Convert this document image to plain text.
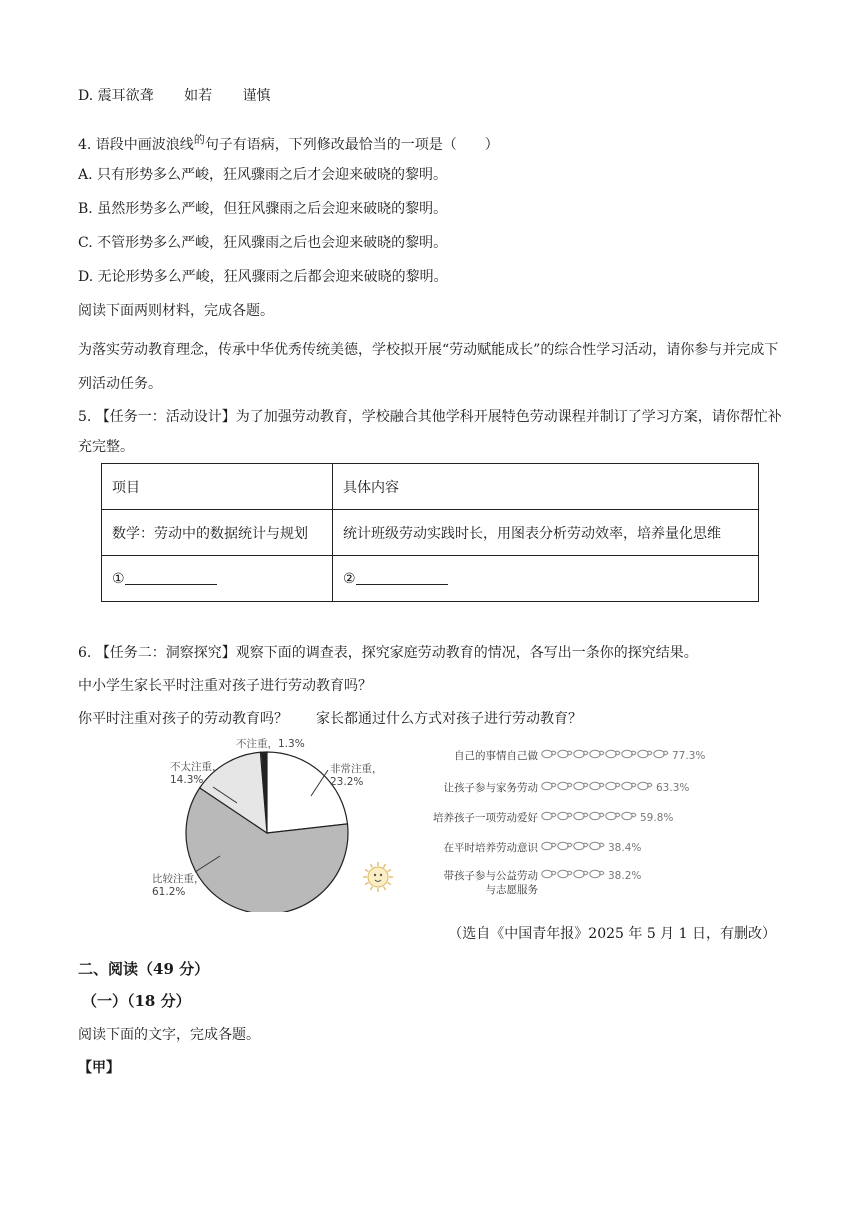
D. 震耳欲聋 如若 谨慎
4. 语段中画波浪线$^的$句子有语病，下列修改最恰当的一项是（　　）
A. 只有形势多么严峻，狂风骤雨之后才会迎来破晓的黎明。
B. 虽然形势多么严峻，但狂风骤雨之后会迎来破晓的黎明。
C. 不管形势多么严峻，狂风骤雨之后也会迎来破晓的黎明。
D. 无论形势多么严峻，狂风骤雨之后都会迎来破晓的黎明。
阅读下面两则材料，完成各题。
为落实劳动教育理念，传承中华优秀传统美德，学校拟开展“劳动赋能成长”的综合性学习活动，请你参与并完成下列活动任务。
5. 【任务一：活动设计】为了加强劳动教育，学校融合其他学科开展特色劳动课程并制订了学习方案，请你帮忙补充完整。
项目	具体内容
数学：劳动中的数据统计与规划	统计班级劳动实践时长，用图表分析劳动效率，培养量化思维
①	②
6. 【任务二：洞察探究】观察下面的调查表，探究家庭劳动教育的情况，各写出一条你的探究结果。
中小学生家长平时注重对孩子进行劳动教育吗？
你平时注重对孩子的劳动教育吗？ 家长都通过什么方式对孩子进行劳动教育？
不注重，1.3%
非常注重，
23.2%
比较注重，
61.2%
不太注重，
14.3%
自己的事情自己做	77.3%
让孩子参与家务劳动	63.3%
培养孩子一项劳动爱好	59.8%
在平时培养劳动意识	38.4%
带孩子参与公益劳动
与志愿服务
38.2%
（选自《中国青年报》2025 年 5 月 1 日，有删改）
二、阅读（49 分）
（一）（18 分）
阅读下面的文字，完成各题。
【甲】
